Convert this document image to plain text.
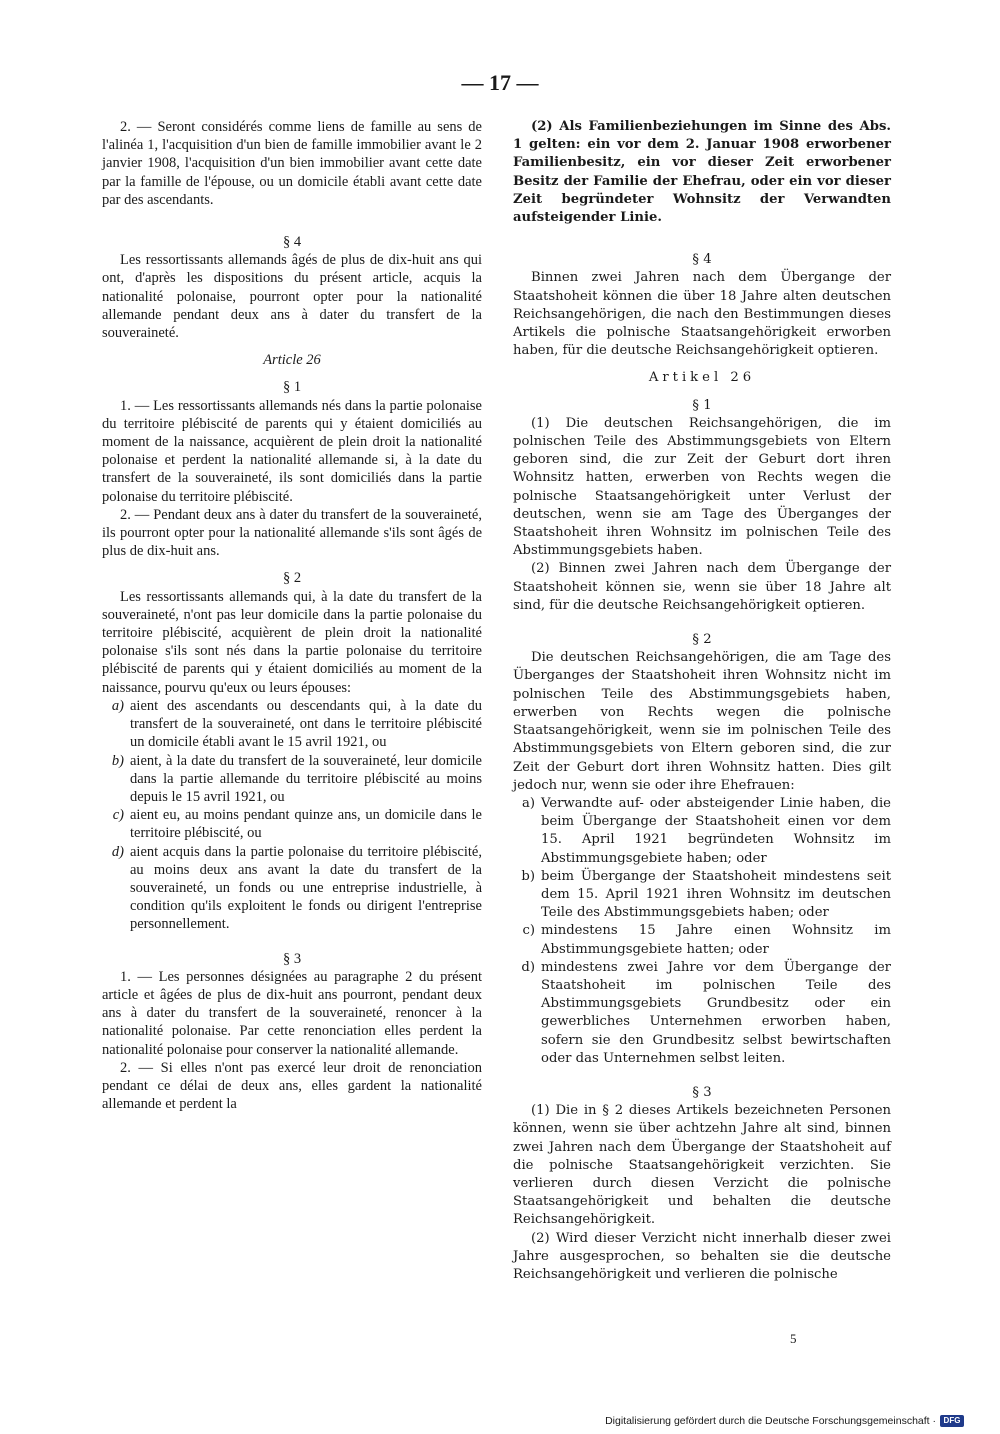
— 17 —

2. — Seront considérés comme liens de famille au sens de l'alinéa 1, l'acquisition d'un bien de famille immobilier avant le 2 janvier 1908, l'acquisition d'un bien immobilier avant cette date par la famille de l'épouse, ou un domicile établi avant cette date par des ascendants.

§ 4

Les ressortissants allemands âgés de plus de dix-huit ans qui ont, d'après les dispositions du présent article, acquis la nationalité polonaise, pourront opter pour la nationalité allemande pendant deux ans à dater du transfert de la souveraineté.

Article 26

§ 1

1. — Les ressortissants allemands nés dans la partie polonaise du territoire plébiscité de parents qui y étaient domiciliés au moment de la naissance, acquièrent de plein droit la nationalité polonaise et perdent la nationalité allemande si, à la date du transfert de la souveraineté, ils sont domiciliés dans la partie polonaise du territoire plébiscité.

2. — Pendant deux ans à dater du transfert de la souveraineté, ils pourront opter pour la nationalité allemande s'ils sont âgés de plus de dix-huit ans.

§ 2

Les ressortissants allemands qui, à la date du transfert de la souveraineté, n'ont pas leur domicile dans la partie polonaise du territoire plébiscité, acquièrent de plein droit la nationalité polonaise s'ils sont nés dans la partie polonaise du territoire plébiscité de parents qui y étaient domiciliés au moment de la naissance, pourvu qu'eux ou leurs épouses:

a) aient des ascendants ou descendants qui, à la date du transfert de la souveraineté, ont dans le territoire plébiscité un domicile établi avant le 15 avril 1921, ou
b) aient, à la date du transfert de la souveraineté, leur domicile dans la partie allemande du territoire plébiscité au moins depuis le 15 avril 1921, ou
c) aient eu, au moins pendant quinze ans, un domicile dans le territoire plébiscité, ou
d) aient acquis dans la partie polonaise du territoire plébiscité, au moins deux ans avant la date du transfert de la souveraineté, un fonds ou une entreprise industrielle, à condition qu'ils exploitent le fonds ou dirigent l'entreprise personnellement.

§ 3

1. — Les personnes désignées au paragraphe 2 du présent article et âgées de plus de dix-huit ans pourront, pendant deux ans à dater du transfert de la souveraineté, renoncer à la nationalité polonaise. Par cette renonciation elles perdent la nationalité polonaise pour conserver la nationalité allemande.

2. — Si elles n'ont pas exercé leur droit de renonciation pendant ce délai de deux ans, elles gardent la nationalité allemande et perdent la

(2) Als Familienbeziehungen im Sinne des Abs. 1 gelten: ein vor dem 2. Januar 1908 erworbener Familienbesitz, ein vor dieser Zeit erworbener Besitz der Familie der Ehefrau, oder ein vor dieser Zeit begründeter Wohnsitz der Verwandten aufsteigender Linie.

§ 4

Binnen zwei Jahren nach dem Übergange der Staatshoheit können die über 18 Jahre alten deutschen Reichsangehörigen, die nach den Bestimmungen dieses Artikels die polnische Staatsangehörigkeit erworben haben, für die deutsche Reichsangehörigkeit optieren.

Artikel 26

§ 1

(1) Die deutschen Reichsangehörigen, die im polnischen Teile des Abstimmungsgebiets von Eltern geboren sind, die zur Zeit der Geburt dort ihren Wohnsitz hatten, erwerben von Rechts wegen die polnische Staatsangehörigkeit unter Verlust der deutschen, wenn sie am Tage des Überganges der Staatshoheit ihren Wohnsitz im polnischen Teile des Abstimmungsgebiets haben.

(2) Binnen zwei Jahren nach dem Übergange der Staatshoheit können sie, wenn sie über 18 Jahre alt sind, für die deutsche Reichsangehörigkeit optieren.

§ 2

Die deutschen Reichsangehörigen, die am Tage des Überganges der Staatshoheit ihren Wohnsitz nicht im polnischen Teile des Abstimmungsgebiets haben, erwerben von Rechts wegen die polnische Staatsangehörigkeit, wenn sie im polnischen Teile des Abstimmungsgebiets von Eltern geboren sind, die zur Zeit der Geburt dort ihren Wohnsitz hatten. Dies gilt jedoch nur, wenn sie oder ihre Ehefrauen:

a) Verwandte auf- oder absteigender Linie haben, die beim Übergange der Staatshoheit einen vor dem 15. April 1921 begründeten Wohnsitz im Abstimmungsgebiete haben; oder
b) beim Übergange der Staatshoheit mindestens seit dem 15. April 1921 ihren Wohnsitz im deutschen Teile des Abstimmungsgebiets haben; oder
c) mindestens 15 Jahre einen Wohnsitz im Abstimmungsgebiete hatten; oder
d) mindestens zwei Jahre vor dem Übergange der Staatshoheit im polnischen Teile des Abstimmungsgebiets Grundbesitz oder ein gewerbliches Unternehmen erworben haben, sofern sie den Grundbesitz selbst bewirtschaften oder das Unternehmen selbst leiten.

§ 3

(1) Die in § 2 dieses Artikels bezeichneten Personen können, wenn sie über achtzehn Jahre alt sind, binnen zwei Jahren nach dem Übergange der Staatshoheit auf die polnische Staatsangehörigkeit verzichten. Sie verlieren durch diesen Verzicht die polnische Staatsangehörigkeit und behalten die deutsche Reichsangehörigkeit.

(2) Wird dieser Verzicht nicht innerhalb dieser zwei Jahre ausgesprochen, so behalten sie die deutsche Reichsangehörigkeit und verlieren die polnische

5
Digitalisierung gefördert durch die Deutsche Forschungsgemeinschaft · DFG
